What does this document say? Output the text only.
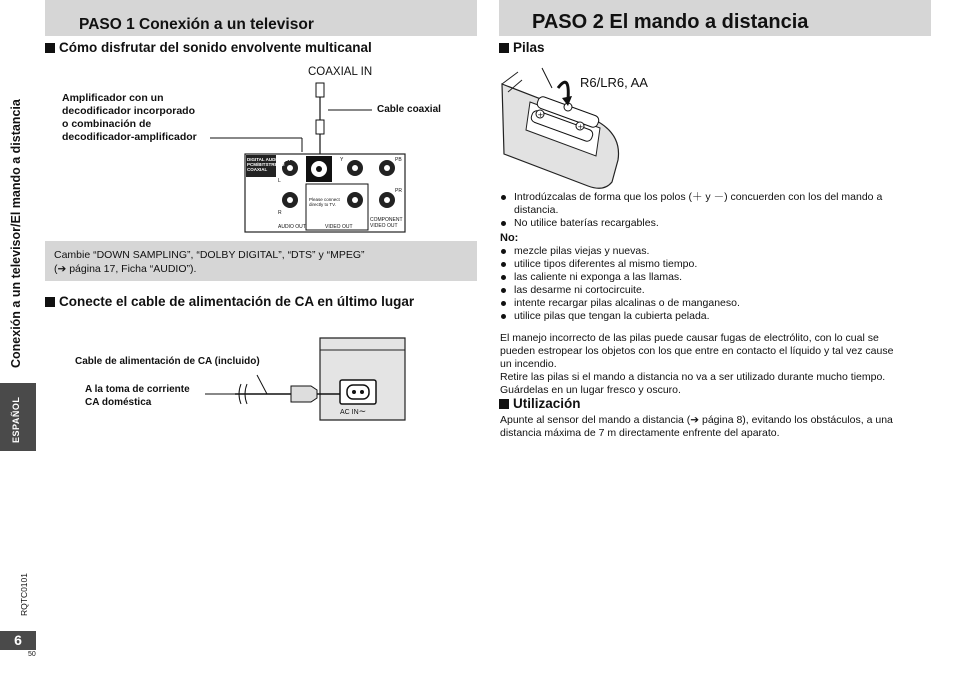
Conexión a un televisor/El mando a distancia
ESPAÑOL
RQTC0101
6
50
PASO 1 Conexión a un televisor
Cómo disfrutar del sonido envolvente multicanal
COAXIAL IN
Cable coaxial
Amplificador con un
decodificador incorporado
o combinación de
decodificador-amplificador
DIGITAL AUDIO OUT
PCM/BITSTREAM
COAXIAL
Please connect
directly to TV.
AUDIO OUT	VIDEO OUT
COMPONENT
VIDEO OUT
Y	PB
PR
L
R
Cambie “DOWN SAMPLING”, “DOLBY DIGITAL”, “DTS” y “MPEG”
(➔ página 17, Ficha “AUDIO”).
Conecte el cable de alimentación de CA en último lugar
Cable de alimentación de CA (incluido)
A la toma de corriente
CA doméstica
AC IN∼
PASO 2 El mando a distancia
Pilas
+
+
R6/LR6, AA
Introdúzcalas de forma que los polos (＋ y －) concuerden con los del mando a distancia.
No utilice baterías recargables.
No:
mezcle pilas viejas y nuevas.
utilice tipos diferentes al mismo tiempo.
las caliente ni exponga a las llamas.
las desarme ni cortocircuite.
intente recargar pilas alcalinas o de manganeso.
utilice pilas que tengan la cubierta pelada.
El manejo incorrecto de las pilas puede causar fugas de electrólito, con lo cual se
pueden estropear los objetos con los que entre en contacto el líquido y tal vez cause
un incendio.
Retire las pilas si el mando a distancia no va a ser utilizado durante mucho tiempo.
Guárdelas en un lugar fresco y oscuro.
Utilización
Apunte al sensor del mando a distancia (➔ página 8), evitando los obstáculos, a una
distancia máxima de 7 m directamente enfrente del aparato.
